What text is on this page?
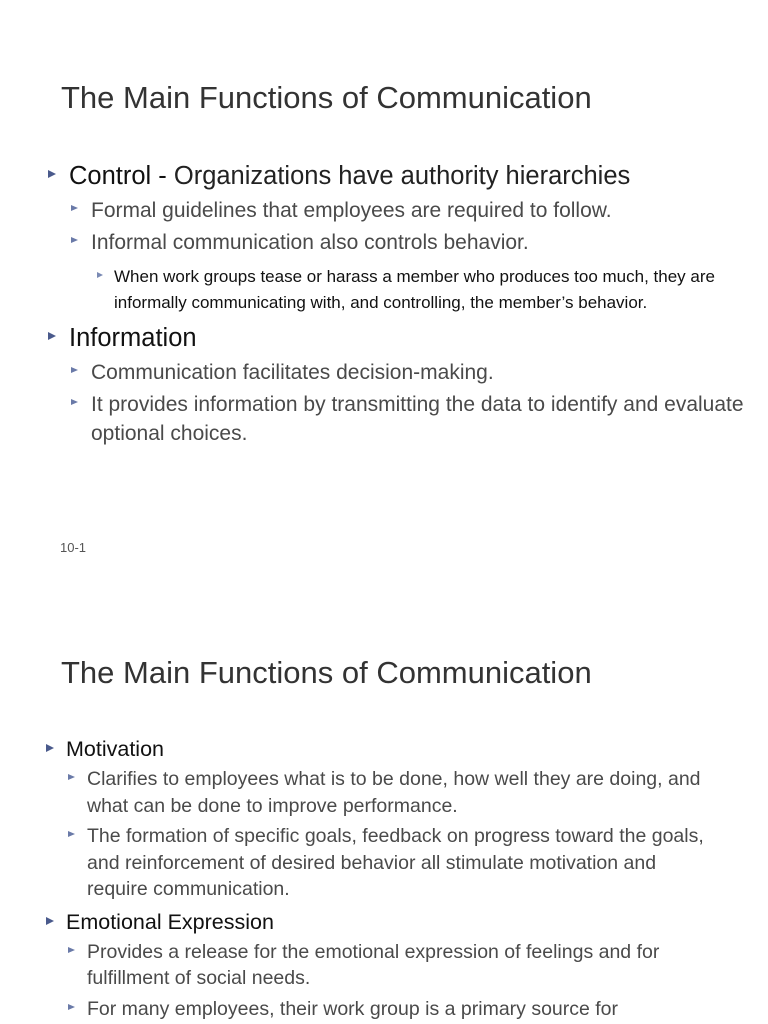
The Main Functions of Communication
Control - Organizations have authority hierarchies
Formal guidelines that employees are required to follow.
Informal communication also controls behavior.
When work groups tease or harass a member who produces too much, they are informally communicating with, and controlling, the member’s behavior.
Information
Communication facilitates decision-making.
It provides information by transmitting the data to identify and evaluate optional choices.
10-1
The Main Functions of Communication
Motivation
Clarifies to employees what is to be done, how well they are doing, and what can be done to improve performance.
The formation of specific goals, feedback on progress toward the goals, and reinforcement of desired behavior all stimulate motivation and require communication.
Emotional Expression
Provides a release for the emotional expression of feelings and for fulfillment of social needs.
For many employees, their work group is a primary source for
